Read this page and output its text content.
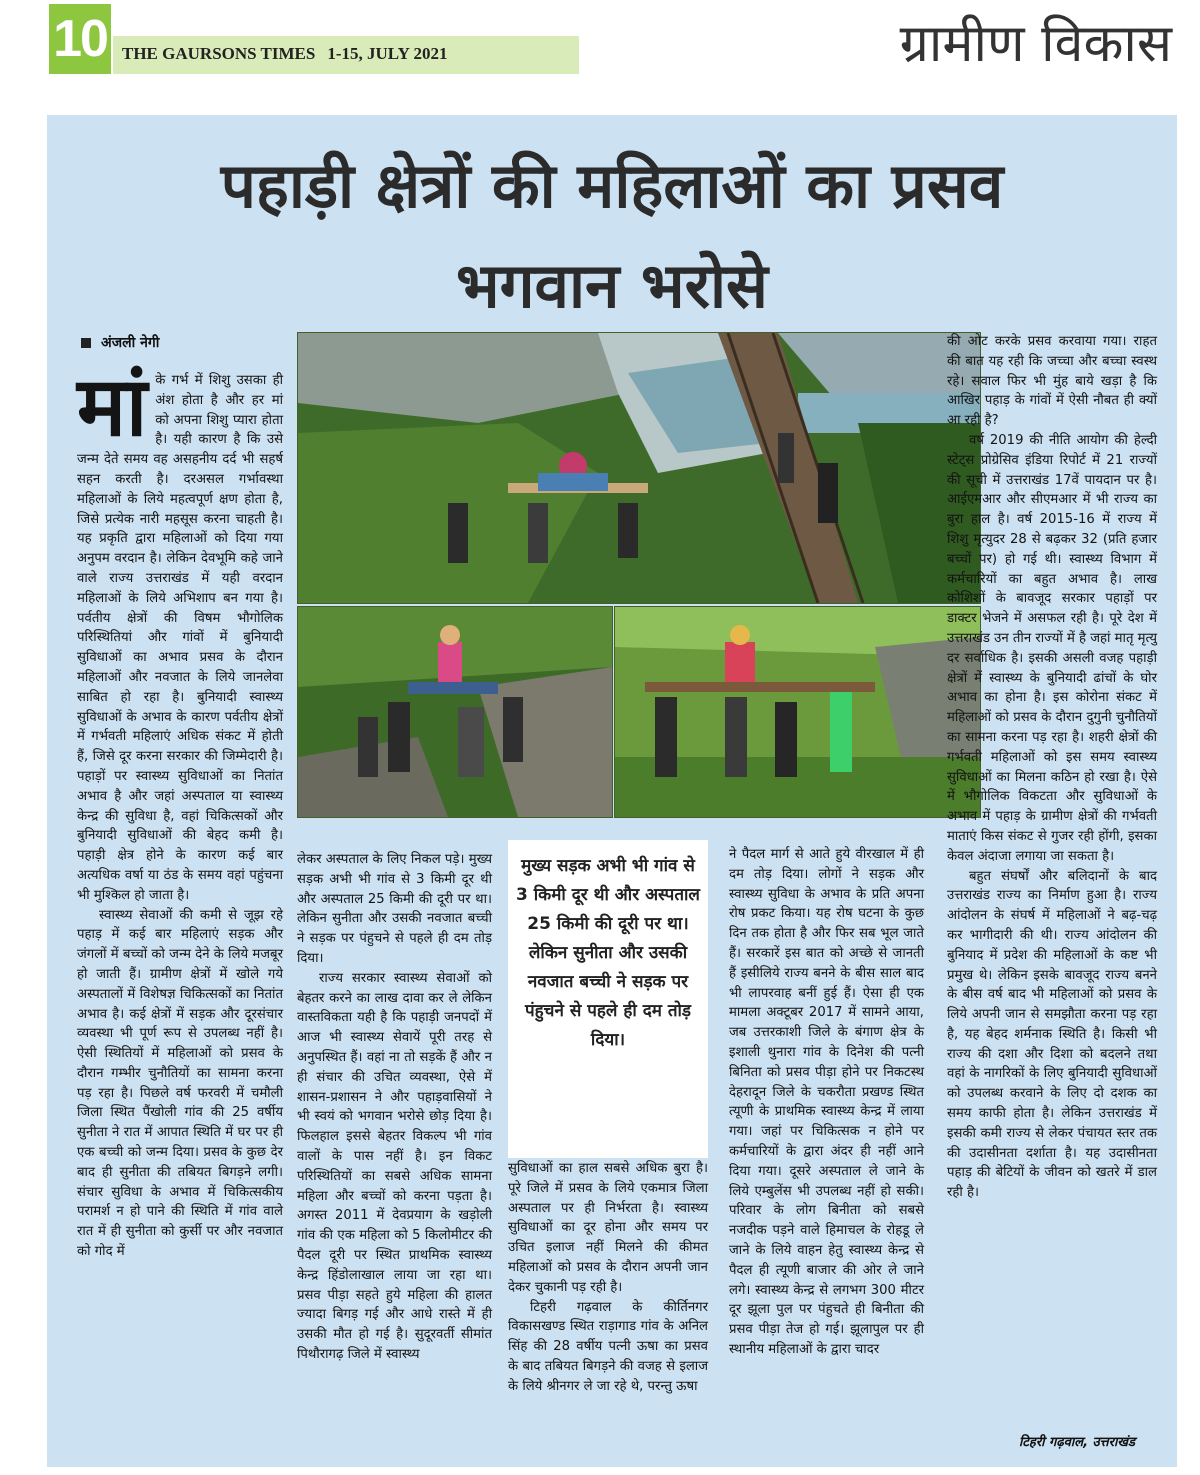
10 THE GAURSONS TIMES 1-15, JULY 2021	ग्रामीण विकास
पहाड़ी क्षेत्रों की महिलाओं का प्रसव
भगवान भरोसे
अंजली नेगी
मां के गर्भ में शिशु उसका ही अंश होता है और हर मां को अपना शिशु प्यारा होता है। यही कारण है कि उसे जन्म देते समय वह असहनीय दर्द भी सहर्ष सहन करती है। दरअसल गर्भावस्था महिलाओं के लिये महत्वपूर्ण क्षण होता है, जिसे प्रत्येक नारी महसूस करना चाहती है। यह प्रकृति द्वारा महिलाओं को दिया गया अनुपम वरदान है। लेकिन देवभूमि कहे जाने वाले राज्य उत्तराखंड में यही वरदान महिलाओं के लिये अभिशाप बन गया है। पर्वतीय क्षेत्रों की विषम भौगोलिक परिस्थितियां और गांवों में बुनियादी सुविधाओं का अभाव प्रसव के दौरान महिलाओं और नवजात के लिये जानलेवा साबित हो रहा है। बुनियादी स्वास्थ्य सुविधाओं के अभाव के कारण पर्वतीय क्षेत्रों में गर्भवती महिलाएं अधिक संकट में होती हैं, जिसे दूर करना सरकार की जिम्मेदारी है। पहाड़ों पर स्वास्थ्य सुविधाओं का नितांत अभाव है और जहां अस्पताल या स्वास्थ्य केन्द्र की सुविधा है, वहां चिकित्सकों और बुनियादी सुविधाओं की बेहद कमी है। पहाड़ी क्षेत्र होने के कारण कई बार अत्यधिक वर्षा या ठंड के समय वहां पहुंचना भी मुश्किल हो जाता है।

स्वास्थ्य सेवाओं की कमी से जूझ रहे पहाड़ में कई बार महिलाएं सड़क और जंगलों में बच्चों को जन्म देने के लिये मजबूर हो जाती हैं। ग्रामीण क्षेत्रों में खोले गये अस्पतालों में विशेषज्ञ चिकित्सकों का नितांत अभाव है। कई क्षेत्रों में सड़क और दूरसंचार व्यवस्था भी पूर्ण रूप से उपलब्ध नहीं है। ऐसी स्थितियों में महिलाओं को प्रसव के दौरान गम्भीर चुनौतियों का सामना करना पड़ रहा है। पिछले वर्ष फरवरी में चमौली जिला स्थित पैंखोली गांव की 25 वर्षीय सुनीता ने रात में आपात स्थिति में घर पर ही एक बच्ची को जन्म दिया। प्रसव के कुछ देर बाद ही सुनीता की तबियत बिगड़ने लगी। संचार सुविधा के अभाव में चिकित्सकीय परामर्श न हो पाने की स्थिति में गांव वाले रात में ही सुनीता को कुर्सी पर और नवजात को गोद में

लेकर अस्पताल के लिए निकल पड़े। मुख्य सड़क अभी भी गांव से 3 किमी दूर थी और अस्पताल 25 किमी की दूरी पर था। लेकिन सुनीता और उसकी नवजात बच्ची ने सड़क पर पंहुचने से पहले ही दम तोड़ दिया।

राज्य सरकार स्वास्थ्य सेवाओं को बेहतर करने का लाख दावा कर ले लेकिन वास्तविकता यही है कि पहाड़ी जनपदों में आज भी स्वास्थ्य सेवायें पूरी तरह से अनुपस्थित हैं। वहां ना तो सड़कें हैं और न ही संचार की उचित व्यवस्था, ऐसे में शासन-प्रशासन ने और पहाड़वासियों ने भी स्वयं को भगवान भरोसे छोड़ दिया है। फिलहाल इससे बेहतर विकल्प भी गांव वालों के पास नहीं है। इन विकट परिस्थितियों का सबसे अधिक सामना महिला और बच्चों को करना पड़ता है। अगस्त 2011 में देवप्रयाग के खड़ोली गांव की एक महिला को 5 किलोमीटर की पैदल दूरी पर स्थित प्राथमिक स्वास्थ्य केन्द्र हिंडोलाखाल लाया जा रहा था। प्रसव पीड़ा सहते हुये महिला की हालत ज्यादा बिगड़ गई और आधे रास्ते में ही उसकी मौत हो गई है। सुदूरवर्ती सीमांत पिथौरागढ़ जिले में स्वास्थ्य

मुख्य सड़क अभी भी गांव से 3 किमी दूर थी और अस्पताल 25 किमी की दूरी पर था। लेकिन सुनीता और उसकी नवजात बच्ची ने सड़क पर पंहुचने से पहले ही दम तोड़ दिया।

सुविधाओं का हाल सबसे अधिक बुरा है। पूरे जिले में प्रसव के लिये एकमात्र जिला अस्पताल पर ही निर्भरता है। स्वास्थ्य सुविधाओं का दूर होना और समय पर उचित इलाज नहीं मिलने की कीमत महिलाओं को प्रसव के दौरान अपनी जान देकर चुकानी पड़ रही है।

टिहरी गढ़वाल के कीर्तिनगर विकासखण्ड स्थित राड़ागाड गांव के अनिल सिंह की 28 वर्षीय पत्नी ऊषा का प्रसव के बाद तबियत बिगड़ने की वजह से इलाज के लिये श्रीनगर ले जा रहे थे, परन्तु ऊषा

ने पैदल मार्ग से आते हुये वीरखाल में ही दम तोड़ दिया। लोगों ने सड़क और स्वास्थ्य सुविधा के अभाव के प्रति अपना रोष प्रकट किया। यह रोष घटना के कुछ दिन तक होता है और फिर सब भूल जाते हैं। सरकारें इस बात को अच्छे से जानती हैं इसीलिये राज्य बनने के बीस साल बाद भी लापरवाह बनीं हुई हैं। ऐसा ही एक मामला अक्टूबर 2017 में सामने आया, जब उत्तरकाशी जिले के बंगाण क्षेत्र के इशाली थुनारा गांव के दिनेश की पत्नी बिनिता को प्रसव पीड़ा होने पर निकटस्थ देहरादून जिले के चकरौता प्रखण्ड स्थित त्यूणी के प्राथमिक स्वास्थ्य केन्द्र में लाया गया। जहां पर चिकित्सक न होने पर कर्मचारियों के द्वारा अंदर ही नहीं आने दिया गया। दूसरे अस्पताल ले जाने के लिये एम्बुलेंस भी उपलब्ध नहीं हो सकी। परिवार के लोग बिनीता को सबसे नजदीक पड़ने वाले हिमाचल के रोहडू ले जाने के लिये वाहन हेतु स्वास्थ्य केन्द्र से पैदल ही त्यूणी बाजार की ओर ले जाने लगे। स्वास्थ्य केन्द्र से लगभग 300 मीटर दूर झूला पुल पर पंहुचते ही बिनीता की प्रसव पीड़ा तेज हो गई। झूलापुल पर ही स्थानीय महिलाओं के द्वारा चादर

की ओट करके प्रसव करवाया गया। राहत की बात यह रही कि जच्चा और बच्चा स्वस्थ रहे। सवाल फिर भी मुंह बाये खड़ा है कि आखिर पहाड़ के गांवों में ऐसी नौबत ही क्यों आ रही है?

वर्ष 2019 की नीति आयोग की हेल्दी स्टेट्स प्रोग्रेसिव इंडिया रिपोर्ट में 21 राज्यों की सूची में उत्तराखंड 17वें पायदान पर है। आईएमआर और सीएमआर में भी राज्य का बुरा हाल है। वर्ष 2015-16 में राज्य में शिशु मृत्युदर 28 से बढ़कर 32 (प्रति हजार बच्चों पर) हो गई थी। स्वास्थ्य विभाग में कर्मचारियों का बहुत अभाव है। लाख कोशिशों के बावजूद सरकार पहाड़ों पर डाक्टर भेजने में असफल रही है। पूरे देश में उत्तराखंड उन तीन राज्यों में है जहां मातृ मृत्यु दर सर्वाधिक है। इसकी असली वजह पहाड़ी क्षेत्रों में स्वास्थ्य के बुनियादी ढांचों के घोर अभाव का होना है। इस कोरोना संकट में महिलाओं को प्रसव के दौरान दुगुनी चुनौतियों का सामना करना पड़ रहा है। शहरी क्षेत्रों की गर्भवती महिलाओं को इस समय स्वास्थ्य सुविधाओं का मिलना कठिन हो रखा है। ऐसे में भौगोलिक विकटता और सुविधाओं के अभाव में पहाड़ के ग्रामीण क्षेत्रों की गर्भवती माताएं किस संकट से गुजर रही होंगी, इसका केवल अंदाजा लगाया जा सकता है।

बहुत संघर्षों और बलिदानों के बाद उत्तराखंड राज्य का निर्माण हुआ है। राज्य आंदोलन के संघर्ष में महिलाओं ने बढ़-चढ़ कर भागीदारी की थी। राज्य आंदोलन की बुनियाद में प्रदेश की महिलाओं के कष्ट भी प्रमुख थे। लेकिन इसके बावजूद राज्य बनने के बीस वर्ष बाद भी महिलाओं को प्रसव के लिये अपनी जान से समझौता करना पड़ रहा है, यह बेहद शर्मनाक स्थिति है। किसी भी राज्य की दशा और दिशा को बदलने तथा वहां के नागरिकों के लिए बुनियादी सुविधाओं को उपलब्ध करवाने के लिए दो दशक का समय काफी होता है। लेकिन उत्तराखंड में इसकी कमी राज्य से लेकर पंचायत स्तर तक की उदासीनता दर्शाता है। यह उदासीनता पहाड़ की बेटियों के जीवन को खतरे में डाल रही है।

टिहरी गढ़वाल, उत्तराखंड
